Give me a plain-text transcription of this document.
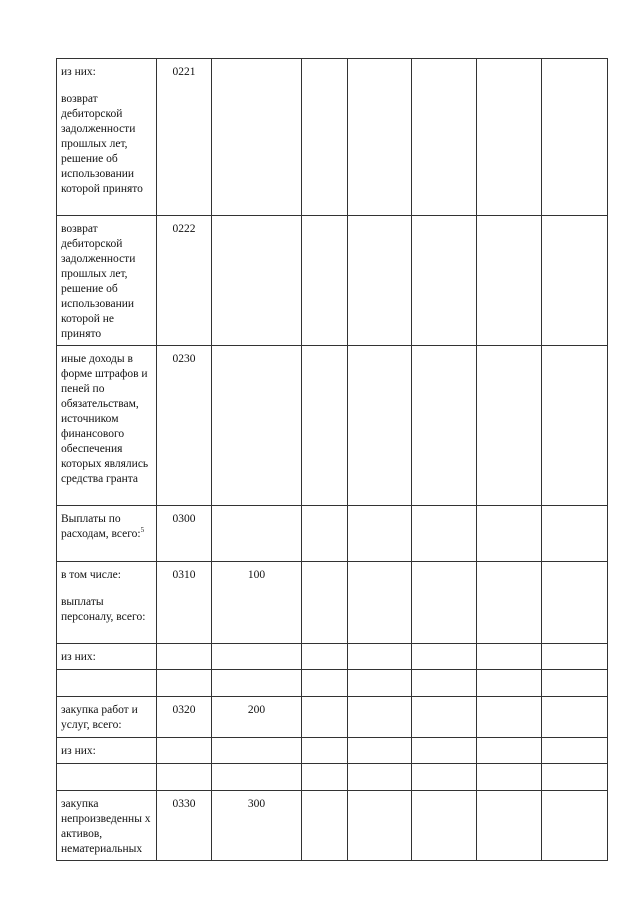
из них:
возврат дебиторской задолженности прошлых лет, решение об использовании которой принято	0221						

возврат дебиторской задолженности прошлых лет, решение об использовании которой не принято	0222						

иные доходы в форме штрафов и пеней по обязательствам, источником финансового обеспечения которых являлись средства гранта	0230						
Выплаты по расходам, всего:$^5$	0300						

в том числе:
выплаты персоналу, всего:	0310	100					

из них:							

закупка работ и услуг, всего:	0320	200					

из них:							

закупка непроизведенны х активов, нематериальных	0330	300					
